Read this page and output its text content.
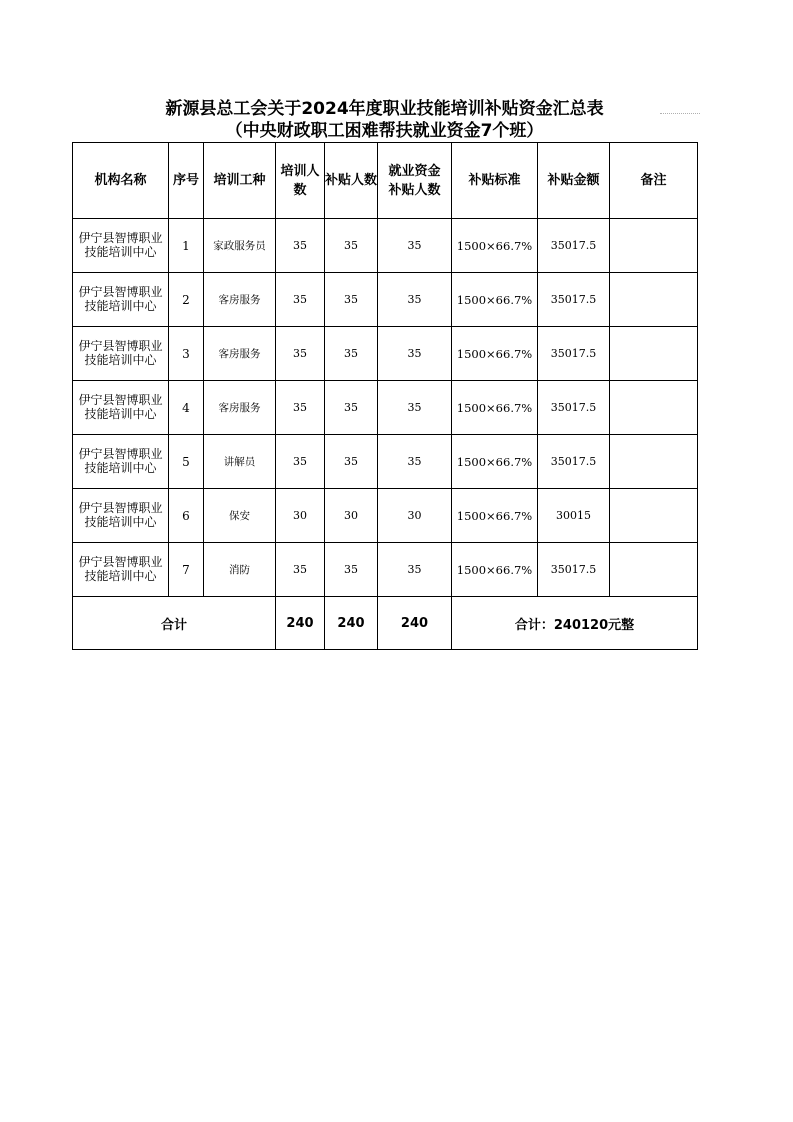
新源县总工会关于2024年度职业技能培训补贴资金汇总表
（中央财政职工困难帮扶就业资金7个班）
机构名称	序号	培训工种	培训人数	补贴人数	就业资金补贴人数	补贴标准	补贴金额	备注
伊宁县智博职业技能培训中心	1	家政服务员	35	35	35	1500×66.7%	35017.5	
伊宁县智博职业技能培训中心	2	客房服务	35	35	35	1500×66.7%	35017.5	
伊宁县智博职业技能培训中心	3	客房服务	35	35	35	1500×66.7%	35017.5	
伊宁县智博职业技能培训中心	4	客房服务	35	35	35	1500×66.7%	35017.5	
伊宁县智博职业技能培训中心	5	讲解员	35	35	35	1500×66.7%	35017.5	
伊宁县智博职业技能培训中心	6	保安	30	30	30	1500×66.7%	30015	
伊宁县智博职业技能培训中心	7	消防	35	35	35	1500×66.7%	35017.5	
合计			240	240	240	合计：240120元整		
